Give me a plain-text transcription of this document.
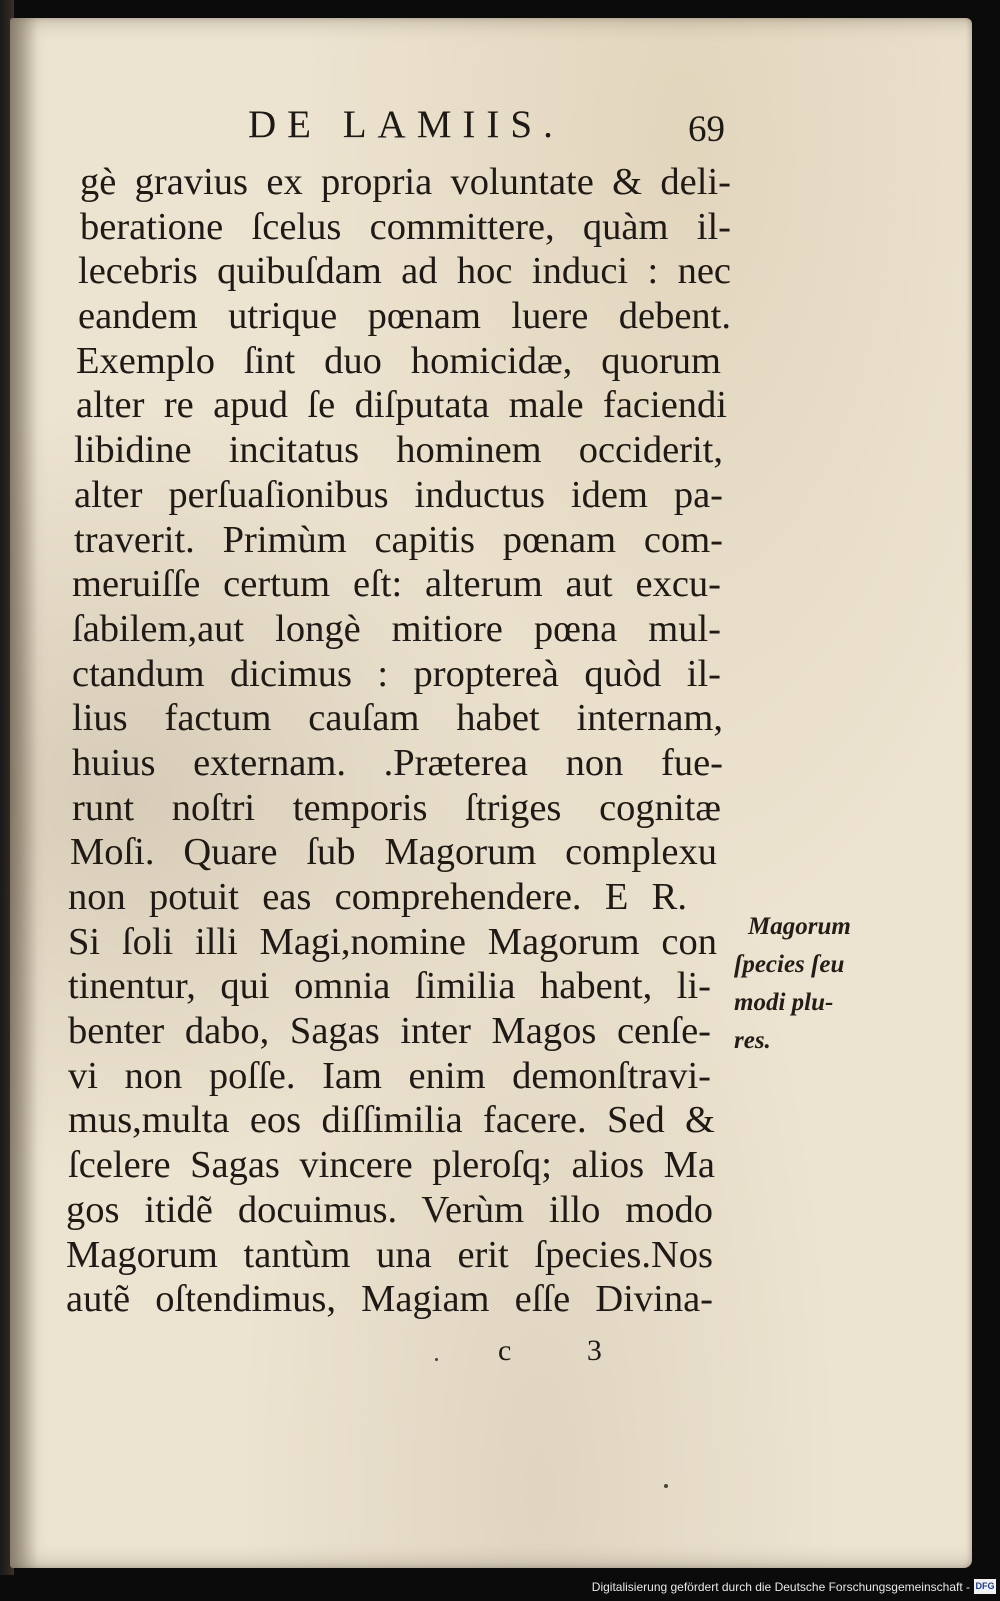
DE LAMIIS.	69
gè gravius ex propria voluntate & deli-
beratione ſcelus committere, quàm il-
lecebris quibuſdam ad hoc induci : nec
eandem utrique pœnam luere debent.
Exemplo ſint duo homicidæ, quorum
alter re apud ſe diſputata male faciendi
libidine incitatus hominem occiderit,
alter perſuaſionibus inductus idem pa-
traverit. Primùm capitis pœnam com-
meruiſſe certum eſt: alterum aut excu-
ſabilem,aut longè mitiore pœna mul-
ctandum dicimus : proptereà quòd il-
lius factum cauſam habet internam,
huius externam. .Præterea non fue-
runt noſtri temporis ſtriges cognitæ
Moſi. Quare ſub Magorum complexu
non potuit eas comprehendere. E R.
Si ſoli illi Magi,nomine Magorum con
tinentur, qui omnia ſimilia habent, li-
benter dabo, Sagas inter Magos cenſe-
vi non poſſe. Iam enim demonſtravi-
mus,multa eos diſſimilia facere. Sed &
ſcelere Sagas vincere pleroſq; alios Ma
gos itidẽ docuimus. Verùm illo modo
Magorum tantùm una erit ſpecies.Nos
autẽ oſtendimus, Magiam eſſe Divina-
Magorum
ſpecies ſeu
modi plu-
res.
c 3
Digitalisierung gefördert durch die Deutsche Forschungsgemeinschaft - DFG
